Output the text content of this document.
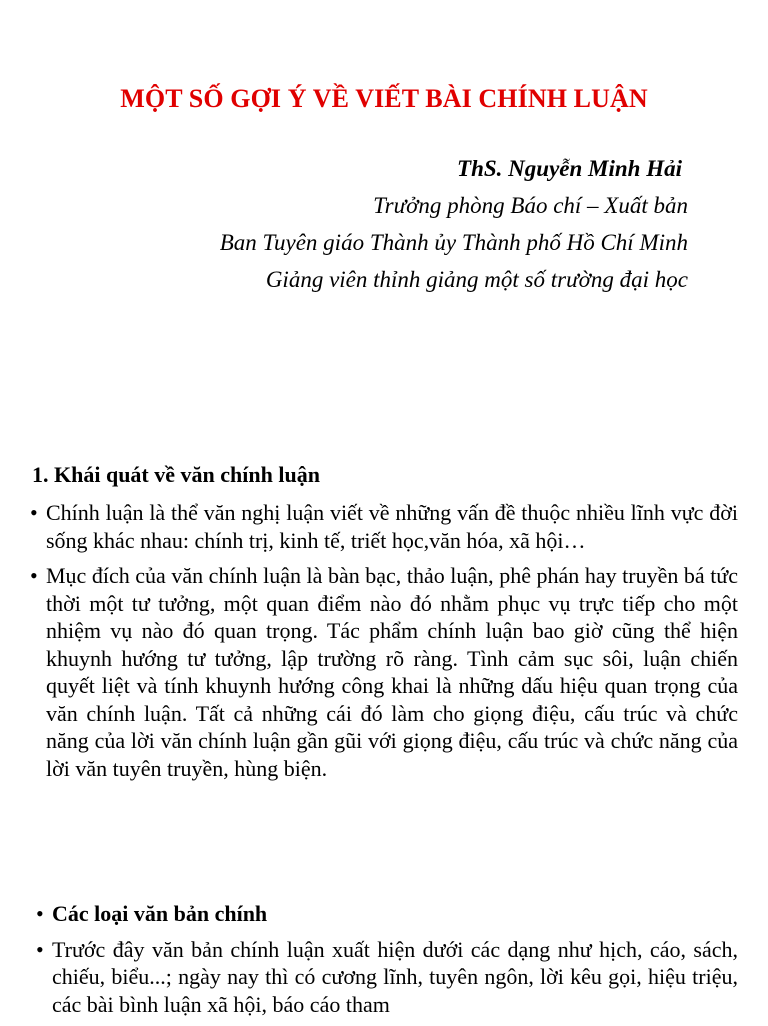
MỘT SỐ GỢI Ý VỀ VIẾT BÀI CHÍNH LUẬN
ThS. Nguyễn Minh Hải
Trưởng phòng Báo chí – Xuất bản
Ban Tuyên giáo Thành ủy Thành phố Hồ Chí Minh
Giảng viên thỉnh giảng một số trường đại học
1. Khái quát về văn chính luận
• Chính luận là thể văn nghị luận viết về những vấn đề thuộc nhiều lĩnh vực đời sống khác nhau: chính trị, kinh tế, triết học,văn hóa, xã hội…
• Mục đích của văn chính luận là bàn bạc, thảo luận, phê phán hay truyền bá tức thời một tư tưởng, một quan điểm nào đó nhằm phục vụ trực tiếp cho một nhiệm vụ nào đó quan trọng. Tác phẩm chính luận bao giờ cũng thể hiện khuynh hướng tư tưởng, lập trường rõ ràng. Tình cảm sục sôi, luận chiến quyết liệt và tính khuynh hướng công khai là những dấu hiệu quan trọng của văn chính luận. Tất cả những cái đó làm cho giọng điệu, cấu trúc và chức năng của lời văn chính luận gần gũi với giọng điệu, cấu trúc và chức năng của lời văn tuyên truyền, hùng biện.
• Các loại văn bản chính
• Trước đây văn bản chính luận xuất hiện dưới các dạng như hịch, cáo, sách, chiếu, biểu...; ngày nay thì có cương lĩnh, tuyên ngôn, lời kêu gọi, hiệu triệu, các bài bình luận xã hội, báo cáo tham
